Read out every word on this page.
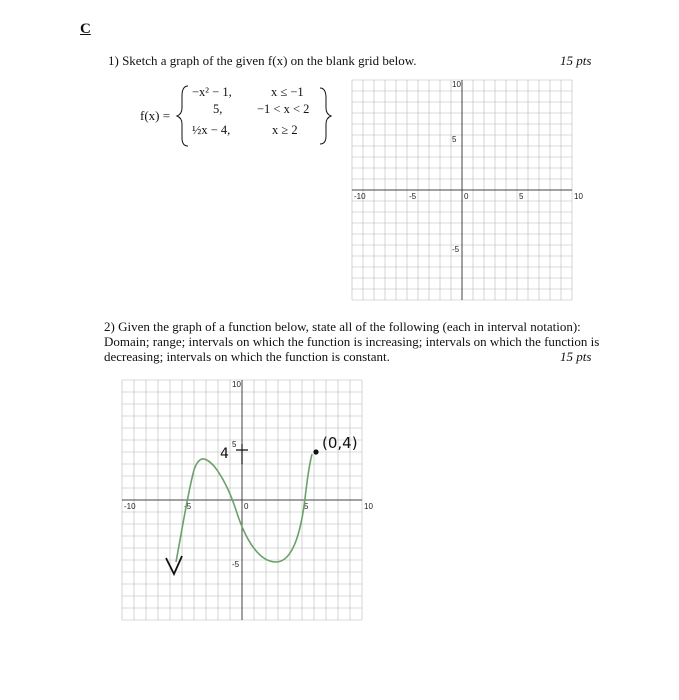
C
1) Sketch a graph of the given f(x) on the blank grid below.	15 pts
f(x) =
−x² − 1,	x ≤ −1
5,	−1 < x < 2
½x − 4,	x ≥ 2
-10	-5	0	5	10
10
5
-5
2) Given the graph of a function below, state all of the following (each in interval notation): Domain; range; intervals on which the function is increasing; intervals on which the function is decreasing; intervals on which the function is constant.	15 pts
-10	-5	0	5	10
10
5
-5
4
(0,4)
